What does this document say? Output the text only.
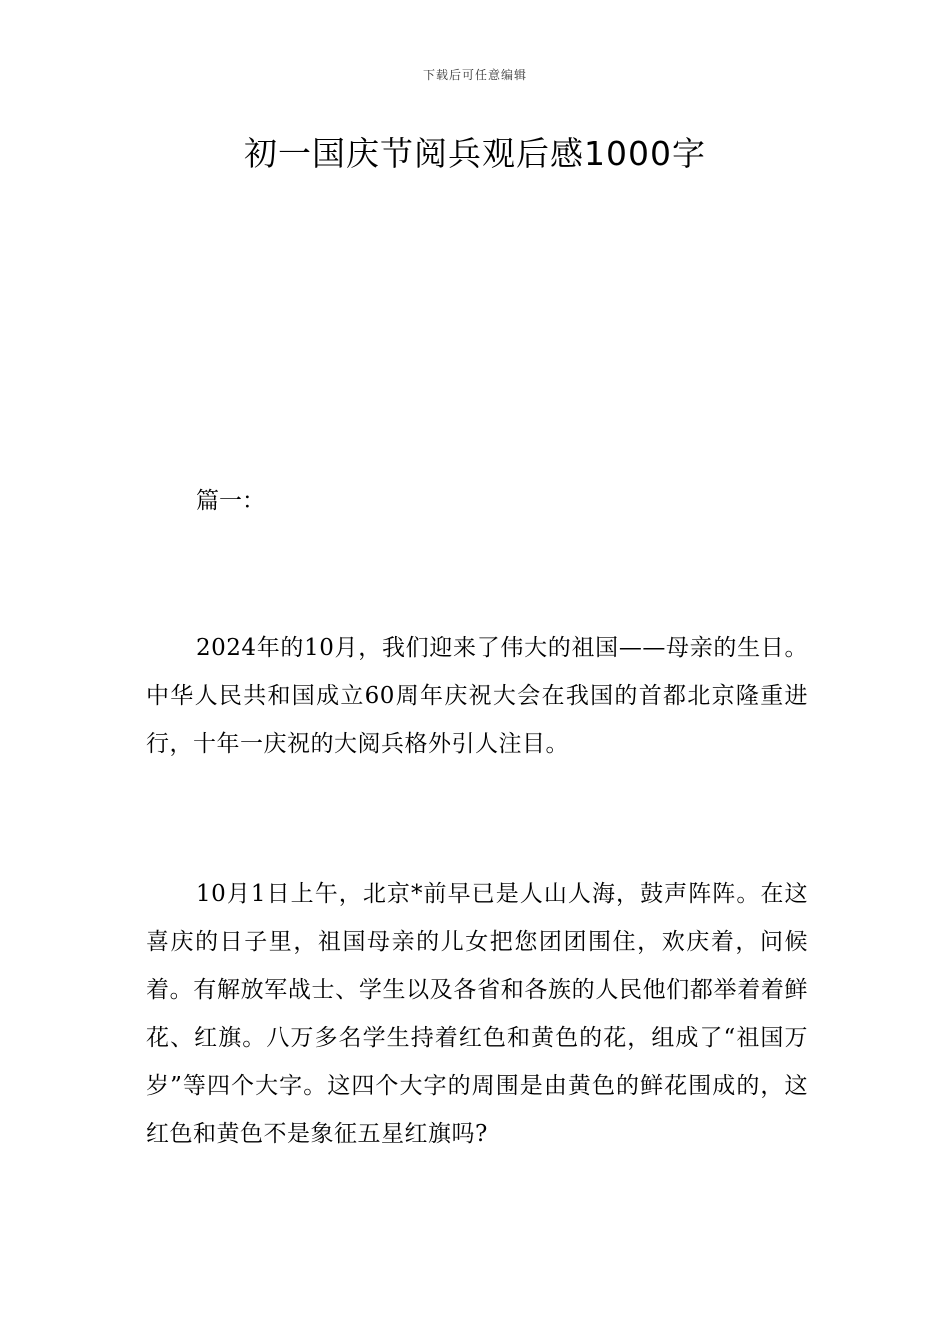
下载后可任意编辑
初一国庆节阅兵观后感1000字

篇一：

2024年的10月，我们迎来了伟大的祖国——母亲的生日。中华人民共和国成立60周年庆祝大会在我国的首都北京隆重进行，十年一庆祝的大阅兵格外引人注目。

10月1日上午，北京*前早已是人山人海，鼓声阵阵。在这喜庆的日子里，祖国母亲的儿女把您团团围住，欢庆着，问候着。有解放军战士、学生以及各省和各族的人民他们都举着着鲜花、红旗。八万多名学生持着红色和黄色的花，组成了“祖国万岁”等四个大字。这四个大字的周围是由黄色的鲜花围成的，这红色和黄色不是象征五星红旗吗?
